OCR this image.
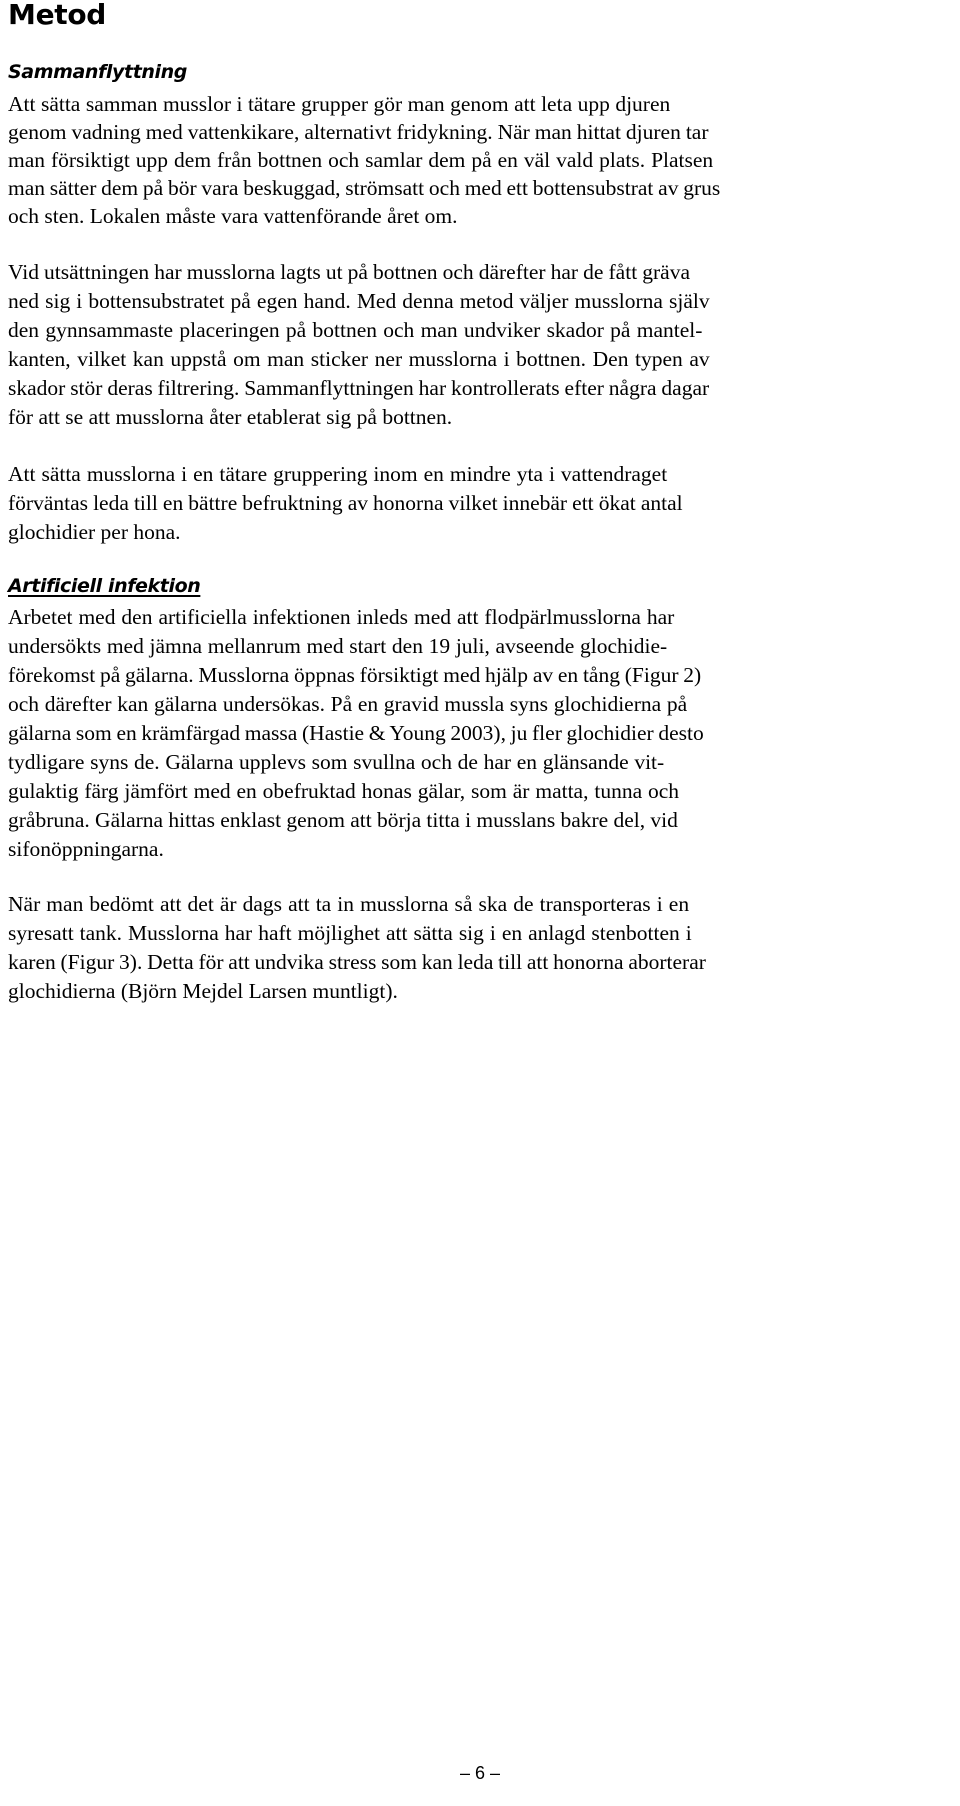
Metod
Sammanflyttning

Att sätta samman musslor i tätare grupper gör man genom att leta upp djuren

genom vadning med vattenkikare, alternativt fridykning. När man hittat djuren tar

man försiktigt upp dem från bottnen och samlar dem på en väl vald plats. Platsen

man sätter dem på bör vara beskuggad, strömsatt och med ett bottensubstrat av grus

och sten. Lokalen måste vara vattenförande året om.

Vid utsättningen har musslorna lagts ut på bottnen och därefter har de fått gräva

ned sig i bottensubstratet på egen hand. Med denna metod väljer musslorna själv

den gynnsammaste placeringen på bottnen och man undviker skador på mantel-

kanten, vilket kan uppstå om man sticker ner musslorna i bottnen. Den typen av

skador stör deras filtrering. Sammanflyttningen har kontrollerats efter några dagar

för att se att musslorna åter etablerat sig på bottnen.

Att sätta musslorna i en tätare gruppering inom en mindre yta i vattendraget

förväntas leda till en bättre befruktning av honorna vilket innebär ett ökat antal

glochidier per hona.

Artificiell infektion

Arbetet med den artificiella infektionen inleds med att flodpärlmusslorna har

undersökts med jämna mellanrum med start den 19 juli, avseende glochidie-

förekomst på gälarna. Musslorna öppnas försiktigt med hjälp av en tång (Figur 2)

och därefter kan gälarna undersökas. På en gravid mussla syns glochidierna på

gälarna som en krämfärgad massa (Hastie & Young 2003), ju fler glochidier desto

tydligare syns de. Gälarna upplevs som svullna och de har en glänsande vit-

gulaktig färg jämfört med en obefruktad honas gälar, som är matta, tunna och

gråbruna. Gälarna hittas enklast genom att börja titta i musslans bakre del, vid

sifonöppningarna.

När man bedömt att det är dags att ta in musslorna så ska de transporteras i en

syresatt tank. Musslorna har haft möjlighet att sätta sig i en anlagd stenbotten i

karen (Figur 3). Detta för att undvika stress som kan leda till att honorna aborterar

glochidierna (Björn Mejdel Larsen muntligt).

– 6 –
